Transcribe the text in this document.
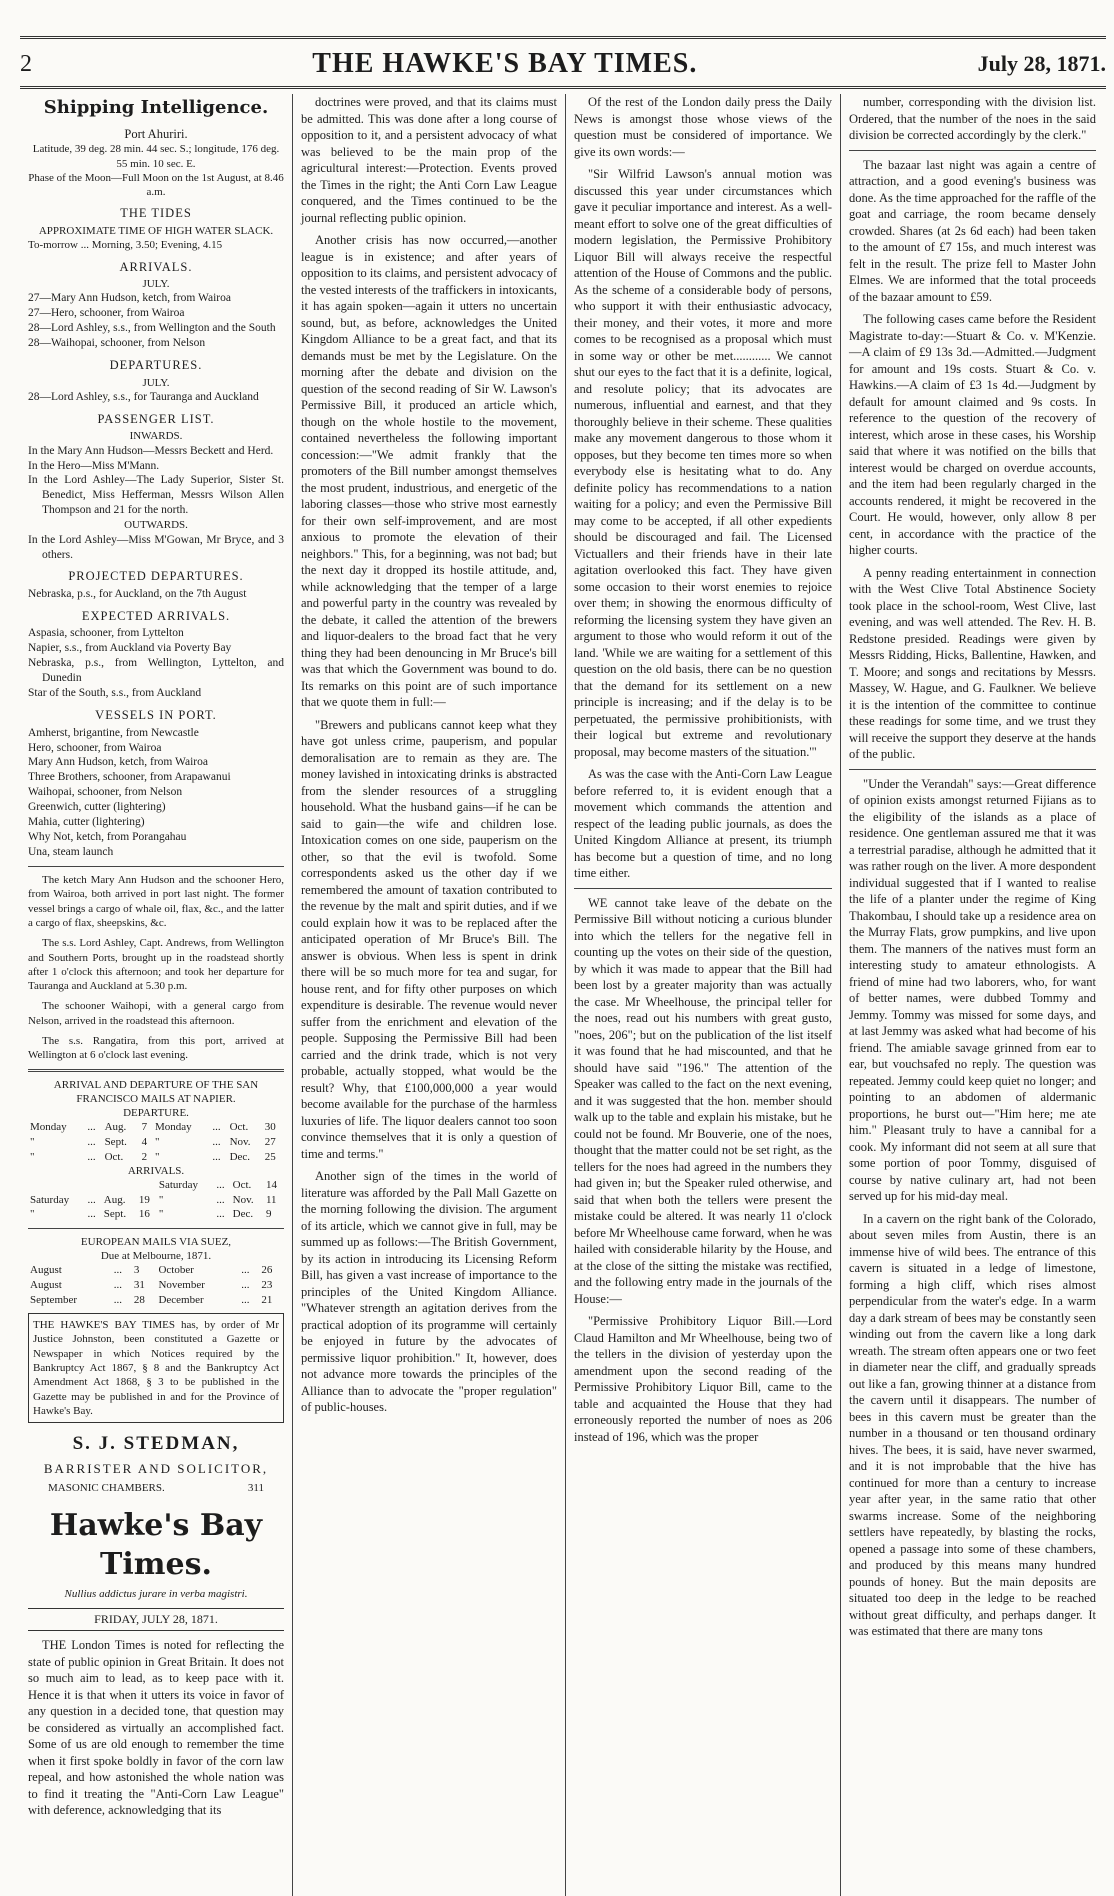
2	THE HAWKE'S BAY TIMES.	July 28, 1871.
Shipping Intelligence.
Port Ahuriri.
Latitude, 39 deg. 28 min. 44 sec. S.; longitude, 176 deg. 55 min. 10 sec. E.
Phase of the Moon—Full Moon on the 1st August, at 8.46 a.m.
THE TIDES
APPROXIMATE TIME OF HIGH WATER SLACK.
To-morrow ... Morning, 3.50; Evening, 4.15
ARRIVALS.
JULY.
27—Mary Ann Hudson, ketch, from Wairoa
27—Hero, schooner, from Wairoa
28—Lord Ashley, s.s., from Wellington and the South
28—Waihopai, schooner, from Nelson
DEPARTURES.
JULY.
28—Lord Ashley, s.s., for Tauranga and Auckland
PASSENGER LIST.
INWARDS.
In the Mary Ann Hudson—Messrs Beckett and Herd.
In the Hero—Miss M'Mann.
In the Lord Ashley—The Lady Superior, Sister St. Benedict, Miss Hefferman, Messrs Wilson Allen Thompson and 21 for the north.
OUTWARDS.
In the Lord Ashley—Miss M'Gowan, Mr Bryce, and 3 others.
PROJECTED DEPARTURES.
Nebraska, p.s., for Auckland, on the 7th August
EXPECTED ARRIVALS.
Aspasia, schooner, from Lyttelton
Napier, s.s., from Auckland via Poverty Bay
Nebraska, p.s., from Wellington, Lyttelton, and Dunedin
Star of the South, s.s., from Auckland
VESSELS IN PORT.
Amherst, brigantine, from Newcastle
Hero, schooner, from Wairoa
Mary Ann Hudson, ketch, from Wairoa
Three Brothers, schooner, from Arapawanui
Waihopai, schooner, from Nelson
Greenwich, cutter (lightering)
Mahia, cutter (lightering)
Why Not, ketch, from Porangahau
Una, steam launch

The ketch Mary Ann Hudson and the schooner Hero, from Wairoa, both arrived in port last night. The former vessel brings a cargo of whale oil, flax, &c., and the latter a cargo of flax, sheepskins, &c.

The s.s. Lord Ashley, Capt. Andrews, from Wellington and Southern Ports, brought up in the roadstead shortly after 1 o'clock this afternoon; and took her departure for Tauranga and Auckland at 5.30 p.m.

The schooner Waihopi, with a general cargo from Nelson, arrived in the roadstead this afternoon.

The s.s. Rangatira, from this port, arrived at Wellington at 6 o'clock last evening.

ARRIVAL AND DEPARTURE OF THE SAN FRANCISCO MAILS AT NAPIER.
DEPARTURE.
Monday	...	Aug.	7	Monday	...	Oct.	30
"	...	Sept.	4	"	...	Nov.	27
"	...	Oct.	2	"	...	Dec.	25
ARRIVALS.
				Saturday	...	Oct.	14
Saturday	...	Aug.	19	"	...	Nov.	11
"	...	Sept.	16	"	...	Dec.	9
EUROPEAN MAILS VIA SUEZ,
Due at Melbourne, 1871.
August	...	3	October	...	26
August	...	31	November	...	23
September	...	28	December	...	21
THE HAWKE'S BAY TIMES has, by order of Mr Justice Johnston, been constituted a Gazette or Newspaper in which Notices required by the Bankruptcy Act 1867, § 8 and the Bankruptcy Act Amendment Act 1868, § 3 to be published in the Gazette may be published in and for the Province of Hawke's Bay.
S. J. STEDMAN,
BARRISTER AND SOLICITOR,
MASONIC CHAMBERS.	311
Hawke's Bay Times.
Nullius addictus jurare in verba magistri.
FRIDAY, JULY 28, 1871.

THE London Times is noted for reflecting the state of public opinion in Great Britain. It does not so much aim to lead, as to keep pace with it. Hence it is that when it utters its voice in favor of any question in a decided tone, that question may be considered as virtually an accomplished fact. Some of us are old enough to remember the time when it first spoke boldly in favor of the corn law repeal, and how astonished the whole nation was to find it treating the "Anti-Corn Law League" with deference, acknowledging that its

doctrines were proved, and that its claims must be admitted. This was done after a long course of opposition to it, and a persistent advocacy of what was believed to be the main prop of the agricultural interest:—Protection. Events proved the Times in the right; the Anti Corn Law League conquered, and the Times continued to be the journal reflecting public opinion.

Another crisis has now occurred,—another league is in existence; and after years of opposition to its claims, and persistent advocacy of the vested interests of the traffickers in intoxicants, it has again spoken—again it utters no uncertain sound, but, as before, acknowledges the United Kingdom Alliance to be a great fact, and that its demands must be met by the Legislature. On the morning after the debate and division on the question of the second reading of Sir W. Lawson's Permissive Bill, it produced an article which, though on the whole hostile to the movement, contained nevertheless the following important concession:—"We admit frankly that the promoters of the Bill number amongst themselves the most prudent, industrious, and energetic of the laboring classes—those who strive most earnestly for their own self-improvement, and are most anxious to promote the elevation of their neighbors." This, for a beginning, was not bad; but the next day it dropped its hostile attitude, and, while acknowledging that the temper of a large and powerful party in the country was revealed by the debate, it called the attention of the brewers and liquor-dealers to the broad fact that he very thing they had been denouncing in Mr Bruce's bill was that which the Government was bound to do. Its remarks on this point are of such importance that we quote them in full:—

"Brewers and publicans cannot keep what they have got unless crime, pauperism, and popular demoralisation are to remain as they are. The money lavished in intoxicating drinks is abstracted from the slender resources of a struggling household. What the husband gains—if he can be said to gain—the wife and children lose. Intoxication comes on one side, pauperism on the other, so that the evil is twofold. Some correspondents asked us the other day if we remembered the amount of taxation contributed to the revenue by the malt and spirit duties, and if we could explain how it was to be replaced after the anticipated operation of Mr Bruce's Bill. The answer is obvious. When less is spent in drink there will be so much more for tea and sugar, for house rent, and for fifty other purposes on which expenditure is desirable. The revenue would never suffer from the enrichment and elevation of the people. Supposing the Permissive Bill had been carried and the drink trade, which is not very probable, actually stopped, what would be the result? Why, that £100,000,000 a year would become available for the purchase of the harmless luxuries of life. The liquor dealers cannot too soon convince themselves that it is only a question of time and terms."

Another sign of the times in the world of literature was afforded by the Pall Mall Gazette on the morning following the division. The argument of its article, which we cannot give in full, may be summed up as follows:—The British Government, by its action in introducing its Licensing Reform Bill, has given a vast increase of importance to the principles of the United Kingdom Alliance. "Whatever strength an agitation derives from the practical adoption of its programme will certainly be enjoyed in future by the advocates of permissive liquor prohibition." It, however, does not advance more towards the principles of the Alliance than to advocate the "proper regulation" of public-houses.

Of the rest of the London daily press the Daily News is amongst those whose views of the question must be considered of importance. We give its own words:—

"Sir Wilfrid Lawson's annual motion was discussed this year under circumstances which gave it peculiar importance and interest. As a well-meant effort to solve one of the great difficulties of modern legislation, the Permissive Prohibitory Liquor Bill will always receive the respectful attention of the House of Commons and the public. As the scheme of a considerable body of persons, who support it with their enthusiastic advocacy, their money, and their votes, it more and more comes to be recognised as a proposal which must in some way or other be met............ We cannot shut our eyes to the fact that it is a definite, logical, and resolute policy; that its advocates are numerous, influential and earnest, and that they thoroughly believe in their scheme. These qualities make any movement dangerous to those whom it opposes, but they become ten times more so when everybody else is hesitating what to do. Any definite policy has recommendations to a nation waiting for a policy; and even the Permissive Bill may come to be accepted, if all other expedients should be discouraged and fail. The Licensed Victuallers and their friends have in their late agitation overlooked this fact. They have given some occasion to their worst enemies to rejoice over them; in showing the enormous difficulty of reforming the licensing system they have given an argument to those who would reform it out of the land. 'While we are waiting for a settlement of this question on the old basis, there can be no question that the demand for its settlement on a new principle is increasing; and if the delay is to be perpetuated, the permissive prohibitionists, with their logical but extreme and revolutionary proposal, may become masters of the situation.'"

As was the case with the Anti-Corn Law League before referred to, it is evident enough that a movement which commands the attention and respect of the leading public journals, as does the United Kingdom Alliance at present, its triumph has become but a question of time, and no long time either.

WE cannot take leave of the debate on the Permissive Bill without noticing a curious blunder into which the tellers for the negative fell in counting up the votes on their side of the question, by which it was made to appear that the Bill had been lost by a greater majority than was actually the case. Mr Wheelhouse, the principal teller for the noes, read out his numbers with great gusto, "noes, 206"; but on the publication of the list itself it was found that he had miscounted, and that he should have said "196." The attention of the Speaker was called to the fact on the next evening, and it was suggested that the hon. member should walk up to the table and explain his mistake, but he could not be found. Mr Bouverie, one of the noes, thought that the matter could not be set right, as the tellers for the noes had agreed in the numbers they had given in; but the Speaker ruled otherwise, and said that when both the tellers were present the mistake could be altered. It was nearly 11 o'clock before Mr Wheelhouse came forward, when he was hailed with considerable hilarity by the House, and at the close of the sitting the mistake was rectified, and the following entry made in the journals of the House:—

"Permissive Prohibitory Liquor Bill.—Lord Claud Hamilton and Mr Wheelhouse, being two of the tellers in the division of yesterday upon the amendment upon the second reading of the Permissive Prohibitory Liquor Bill, came to the table and acquainted the House that they had erroneously reported the number of noes as 206 instead of 196, which was the proper

number, corresponding with the division list. Ordered, that the number of the noes in the said division be corrected accordingly by the clerk."

The bazaar last night was again a centre of attraction, and a good evening's business was done. As the time approached for the raffle of the goat and carriage, the room became densely crowded. Shares (at 2s 6d each) had been taken to the amount of £7 15s, and much interest was felt in the result. The prize fell to Master John Elmes. We are informed that the total proceeds of the bazaar amount to £59.

The following cases came before the Resident Magistrate to-day:—Stuart & Co. v. M'Kenzie.—A claim of £9 13s 3d.—Admitted.—Judgment for amount and 19s costs. Stuart & Co. v. Hawkins.—A claim of £3 1s 4d.—Judgment by default for amount claimed and 9s costs. In reference to the question of the recovery of interest, which arose in these cases, his Worship said that where it was notified on the bills that interest would be charged on overdue accounts, and the item had been regularly charged in the accounts rendered, it might be recovered in the Court. He would, however, only allow 8 per cent, in accordance with the practice of the higher courts.

A penny reading entertainment in connection with the West Clive Total Abstinence Society took place in the school-room, West Clive, last evening, and was well attended. The Rev. H. B. Redstone presided. Readings were given by Messrs Ridding, Hicks, Ballentine, Hawken, and T. Moore; and songs and recitations by Messrs. Massey, W. Hague, and G. Faulkner. We believe it is the intention of the committee to continue these readings for some time, and we trust they will receive the support they deserve at the hands of the public.

"Under the Verandah" says:—Great difference of opinion exists amongst returned Fijians as to the eligibility of the islands as a place of residence. One gentleman assured me that it was a terrestrial paradise, although he admitted that it was rather rough on the liver. A more despondent individual suggested that if I wanted to realise the life of a planter under the regime of King Thakombau, I should take up a residence area on the Murray Flats, grow pumpkins, and live upon them. The manners of the natives must form an interesting study to amateur ethnologists. A friend of mine had two laborers, who, for want of better names, were dubbed Tommy and Jemmy. Tommy was missed for some days, and at last Jemmy was asked what had become of his friend. The amiable savage grinned from ear to ear, but vouchsafed no reply. The question was repeated. Jemmy could keep quiet no longer; and pointing to an abdomen of aldermanic proportions, he burst out—"Him here; me ate him." Pleasant truly to have a cannibal for a cook. My informant did not seem at all sure that some portion of poor Tommy, disguised of course by native culinary art, had not been served up for his mid-day meal.

In a cavern on the right bank of the Colorado, about seven miles from Austin, there is an immense hive of wild bees. The entrance of this cavern is situated in a ledge of limestone, forming a high cliff, which rises almost perpendicular from the water's edge. In a warm day a dark stream of bees may be constantly seen winding out from the cavern like a long dark wreath. The stream often appears one or two feet in diameter near the cliff, and gradually spreads out like a fan, growing thinner at a distance from the cavern until it disappears. The number of bees in this cavern must be greater than the number in a thousand or ten thousand ordinary hives. The bees, it is said, have never swarmed, and it is not improbable that the hive has continued for more than a century to increase year after year, in the same ratio that other swarms increase. Some of the neighboring settlers have repeatedly, by blasting the rocks, opened a passage into some of these chambers, and produced by this means many hundred pounds of honey. But the main deposits are situated too deep in the ledge to be reached without great difficulty, and perhaps danger. It was estimated that there are many tons
